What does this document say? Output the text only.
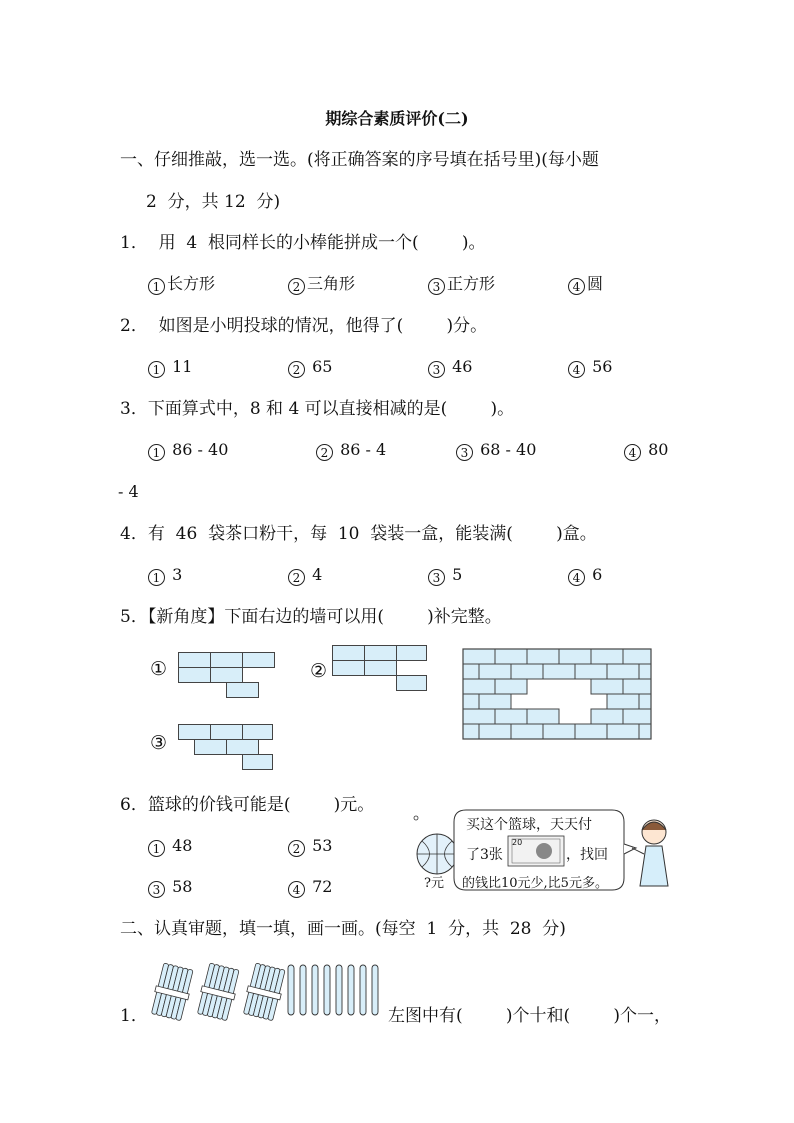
期综合素质评价(二)
一、仔细推敲，选一选。(将正确答案的序号填在括号里)(每小题
2  分，共 12  分)
1．  用  4  根同样长的小棒能拼成一个(        )。
1 长方形	2 三角形	3 正方形	4 圆
2．  如图是小明投球的情况，他得了(        )分。
1 11	2 65	3 46	4 56
3．下面算式中，8 和 4 可以直接相减的是(        )。
1 86 - 40	2 86 - 4	3 68 - 40	4 80
- 4
4．有  46  袋茶口粉干，每  10  袋装一盒，能装满(        )盒。
1 3	2 4	3 5	4 6
5．【新角度】下面右边的墙可以用(        )补完整。
①	②
③
6．篮球的价钱可能是(        )元。
1 48	2 53
3 58	4 72
买这个篮球，天天付
了3张
20
，找回
的钱比10元少,比5元多。
?元
二、认真审题，填一填，画一画。(每空  1  分，共  28  分)
1．	左图中有(        )个十和(        )个一，
